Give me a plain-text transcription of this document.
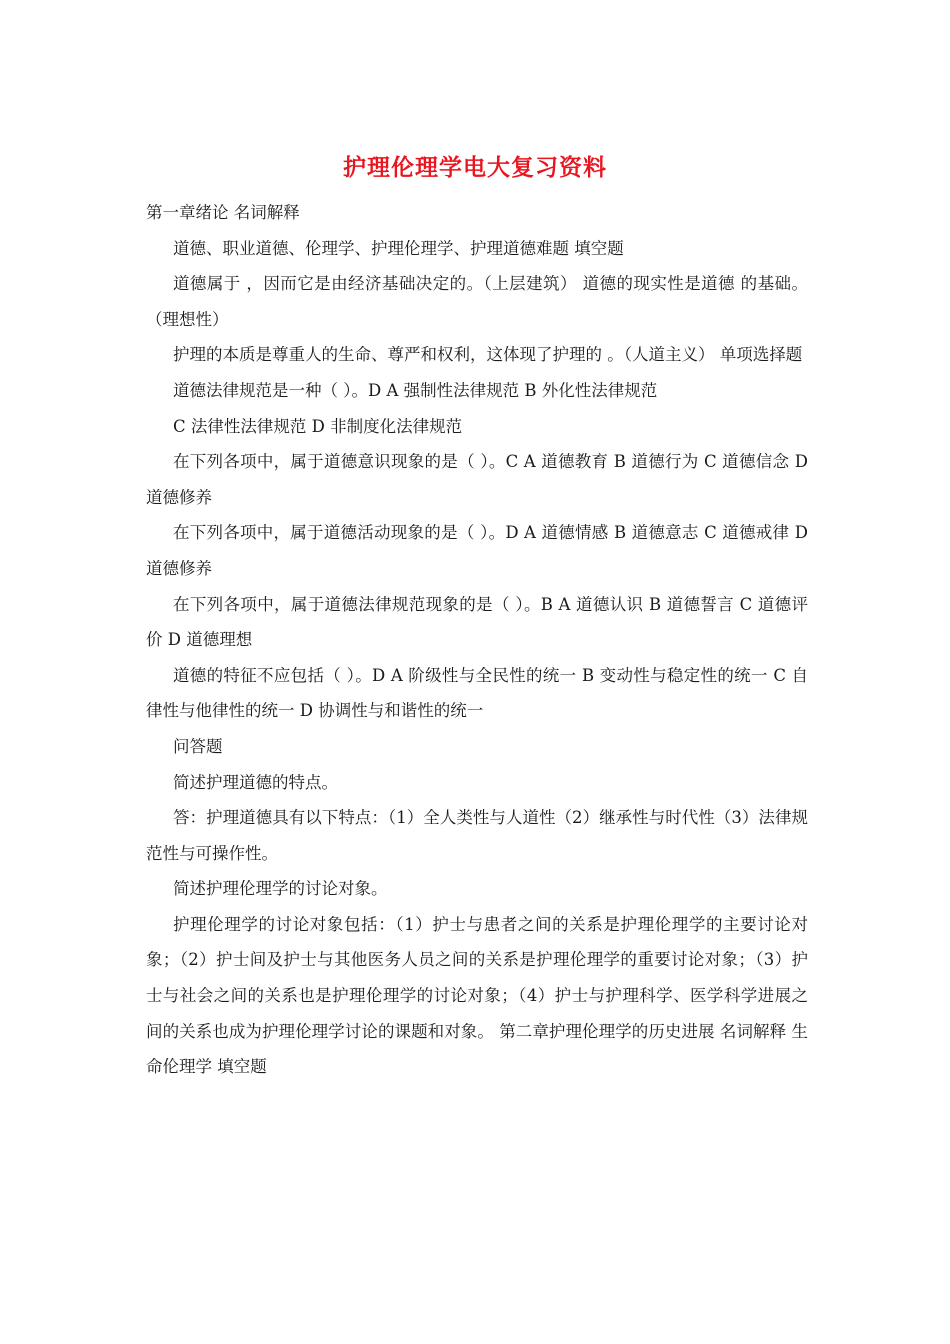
护理伦理学电大复习资料

第一章绪论 名词解释

道德、职业道德、伦理学、护理伦理学、护理道德难题 填空题

道德属于 ，因而它是由经济基础决定的。（上层建筑） 道德的现实性是道德 的基础。（理想性）

护理的本质是尊重人的生命、尊严和权利，这体现了护理的 。（人道主义） 单项选择题

道德法律规范是一种（ ）。D A 强制性法律规范 B 外化性法律规范

C 法律性法律规范 D 非制度化法律规范

在下列各项中，属于道德意识现象的是（ ）。C A 道德教育 B 道德行为 C 道德信念 D 道德修养

在下列各项中，属于道德活动现象的是（ ）。D A 道德情感 B 道德意志 C 道德戒律 D 道德修养

在下列各项中，属于道德法律规范现象的是（ ）。B A 道德认识 B 道德誓言 C 道德评价 D 道德理想

道德的特征不应包括（ ）。D A 阶级性与全民性的统一 B 变动性与稳定性的统一 C 自律性与他律性的统一 D 协调性与和谐性的统一

问答题

简述护理道德的特点。

答：护理道德具有以下特点：（1）全人类性与人道性（2）继承性与时代性（3）法律规范性与可操作性。

简述护理伦理学的讨论对象。

护理伦理学的讨论对象包括：（1）护士与患者之间的关系是护理伦理学的主要讨论对象；（2）护士间及护士与其他医务人员之间的关系是护理伦理学的重要讨论对象；（3）护士与社会之间的关系也是护理伦理学的讨论对象；（4）护士与护理科学、医学科学进展之间的关系也成为护理伦理学讨论的课题和对象。 第二章护理伦理学的历史进展 名词解释 生命伦理学 填空题
